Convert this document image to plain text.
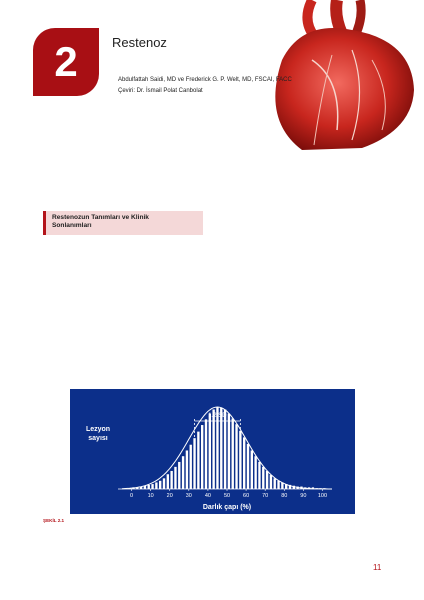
2	Restenoz
Abdulfattah Saidi, MD ve Frederick G. P. Welt, MD, FSCAI, FACC
Çeviri: Dr. İsmail Polat Canbolat
Restenozun Tanımları ve Klinik
Sonlanımları
1.2 SD
0	10 20 30 40 50 60 70 80 90 100
Darlık çapı (%)
Lezyon
sayısı
ŞEKİL 2.1
11
